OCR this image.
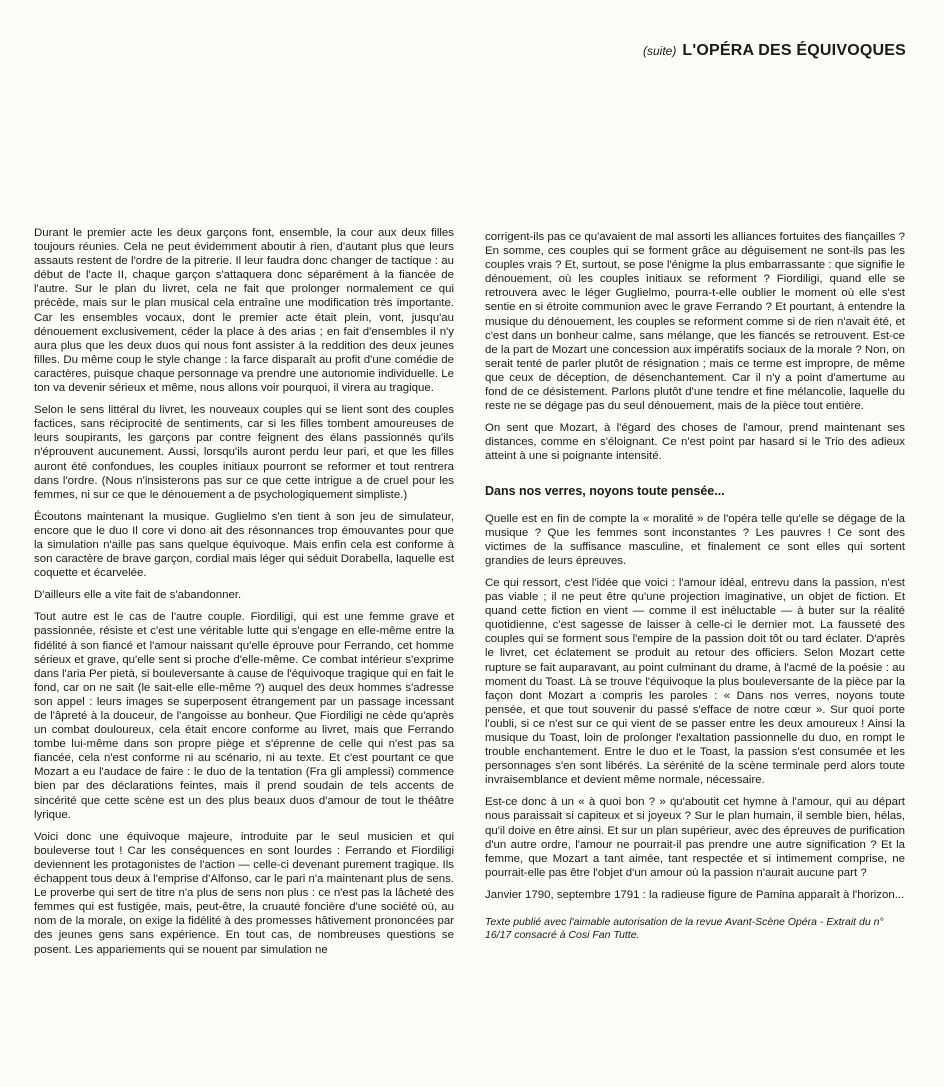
(suite) L'OPÉRA DES ÉQUIVOQUES

Durant le premier acte les deux garçons font, ensemble, la cour aux deux filles toujours réunies. Cela ne peut évidemment aboutir à rien, d'autant plus que leurs assauts restent de l'ordre de la pitrerie. Il leur faudra donc changer de tactique : au début de l'acte II, chaque garçon s'attaquera donc séparément à la fiancée de l'autre. Sur le plan du livret, cela ne fait que prolonger normalement ce qui précède, mais sur le plan musical cela entraîne une modification très importante. Car les ensembles vocaux, dont le premier acte était plein, vont, jusqu'au dénouement exclusivement, céder la place à des arias ; en fait d'ensembles il n'y aura plus que les deux duos qui nous font assister à la reddition des deux jeunes filles. Du même coup le style change : la farce disparaît au profit d'une comédie de caractères, puisque chaque personnage va prendre une autonomie individuelle. Le ton va devenir sérieux et même, nous allons voir pourquoi, il virera au tragique.

Selon le sens littéral du livret, les nouveaux couples qui se lient sont des couples factices, sans réciprocité de sentiments, car si les filles tombent amoureuses de leurs soupirants, les garçons par contre feignent des élans passionnés qu'ils n'éprouvent aucunement. Aussi, lorsqu'ils auront perdu leur pari, et que les filles auront été confondues, les couples initiaux pourront se reformer et tout rentrera dans l'ordre. (Nous n'insisterons pas sur ce que cette intrigue a de cruel pour les femmes, ni sur ce que le dénouement a de psychologiquement simpliste.)

Écoutons maintenant la musique. Guglielmo s'en tient à son jeu de simulateur, encore que le duo Il core vi dono ait des résonnances trop émouvantes pour que la simulation n'aille pas sans quelque équivoque. Mais enfin cela est conforme à son caractère de brave garçon, cordial mais léger qui séduit Dorabella, laquelle est coquette et écarvelée.

D'ailleurs elle a vite fait de s'abandonner.

Tout autre est le cas de l'autre couple. Fiordiligi, qui est une femme grave et passionnée, résiste et c'est une véritable lutte qui s'engage en elle-même entre la fidélité à son fiancé et l'amour naissant qu'elle éprouve pour Ferrando, cet homme sérieux et grave, qu'elle sent si proche d'elle-même. Ce combat intérieur s'exprime dans l'aria Per pietà, si bouleversante à cause de l'équivoque tragique qui en fait le fond, car on ne sait (le sait-elle elle-même ?) auquel des deux hommes s'adresse son appel : leurs images se superposent étrangement par un passage incessant de l'âpreté à la douceur, de l'angoisse au bonheur. Que Fiordiligi ne cède qu'après un combat douloureux, cela était encore conforme au livret, mais que Ferrando tombe lui-même dans son propre piège et s'éprenne de celle qui n'est pas sa fiancée, cela n'est conforme ni au scénario, ni au texte. Et c'est pourtant ce que Mozart a eu l'audace de faire : le duo de la tentation (Fra gli amplessi) commence bien par des déclarations feintes, mais il prend soudain de tels accents de sincérité que cette scène est un des plus beaux duos d'amour de tout le théâtre lyrique.

Voici donc une équivoque majeure, introduite par le seul musicien et qui bouleverse tout ! Car les conséquences en sont lourdes : Ferrando et Fiordiligi deviennent les protagonistes de l'action — celle-ci devenant purement tragique. Ils échappent tous deux à l'emprise d'Alfonso, car le pari n'a maintenant plus de sens. Le proverbe qui sert de titre n'a plus de sens non plus : ce n'est pas la lâcheté des femmes qui est fustigée, mais, peut-être, la cruauté foncière d'une société où, au nom de la morale, on exige la fidélité à des promesses hâtivement prononcées par des jeunes gens sans expérience. En tout cas, de nombreuses questions se posent. Les appariements qui se nouent par simulation ne

corrigent-ils pas ce qu'avaient de mal assorti les alliances fortuites des fiançailles ? En somme, ces couples qui se forment grâce au déguisement ne sont-ils pas les couples vrais ? Et, surtout, se pose l'énigme la plus embarrassante : que signifie le dénouement, où les couples initiaux se reforment ? Fiordiligi, quand elle se retrouvera avec le léger Guglielmo, pourra-t-elle oublier le moment où elle s'est sentie en si étroite communion avec le grave Ferrando ? Et pourtant, à entendre la musique du dénouement, les couples se reforment comme si de rien n'avait été, et c'est dans un bonheur calme, sans mélange, que les fiancés se retrouvent. Est-ce de la part de Mozart une concession aux impératifs sociaux de la morale ? Non, on serait tenté de parler plutôt de résignation ; mais ce terme est impropre, de même que ceux de déception, de désenchantement. Car il n'y a point d'amertume au fond de ce désistement. Parlons plutôt d'une tendre et fine mélancolie, laquelle du reste ne se dégage pas du seul dénouement, mais de la pièce tout entière.

On sent que Mozart, à l'égard des choses de l'amour, prend maintenant ses distances, comme en s'éloignant. Ce n'est point par hasard si le Trio des adieux atteint à une si poignante intensité.

Dans nos verres, noyons toute pensée...

Quelle est en fin de compte la « moralité » de l'opéra telle qu'elle se dégage de la musique ? Que les femmes sont inconstantes ? Les pauvres ! Ce sont des victimes de la suffisance masculine, et finalement ce sont elles qui sortent grandies de leurs épreuves.

Ce qui ressort, c'est l'idée que voici : l'amour idéal, entrevu dans la passion, n'est pas viable ; il ne peut être qu'une projection imaginative, un objet de fiction. Et quand cette fiction en vient — comme il est inéluctable — à buter sur la réalité quotidienne, c'est sagesse de laisser à celle-ci le dernier mot. La fausseté des couples qui se forment sous l'empire de la passion doit tôt ou tard éclater. D'après le livret, cet éclatement se produit au retour des officiers. Selon Mozart cette rupture se fait auparavant, au point culminant du drame, à l'acmé de la poésie : au moment du Toast. Là se trouve l'équivoque la plus bouleversante de la pièce par la façon dont Mozart a compris les paroles : « Dans nos verres, noyons toute pensée, et que tout souvenir du passé s'efface de notre cœur ». Sur quoi porte l'oubli, si ce n'est sur ce qui vient de se passer entre les deux amoureux ! Ainsi la musique du Toast, loin de prolonger l'exaltation passionnelle du duo, en rompt le trouble enchantement. Entre le duo et le Toast, la passion s'est consumée et les personnages s'en sont libérés. La sérénité de la scène terminale perd alors toute invraisemblance et devient même normale, nécessaire.

Est-ce donc à un « à quoi bon ? » qu'aboutit cet hymne à l'amour, qui au départ nous paraissait si capiteux et si joyeux ? Sur le plan humain, il semble bien, hélas, qu'il doive en être ainsi. Et sur un plan supérieur, avec des épreuves de purification d'un autre ordre, l'amour ne pourrait-il pas prendre une autre signification ? Et la femme, que Mozart a tant aimée, tant respectée et si intimement comprise, ne pourrait-elle pas être l'objet d'un amour où la passion n'aurait aucune part ?

Janvier 1790, septembre 1791 : la radieuse figure de Pamina apparaît à l'horizon...

Texte publié avec l'aimable autorisation de la revue Avant-Scène Opéra - Extrait du n° 16/17 consacré à Cosi Fan Tutte.
